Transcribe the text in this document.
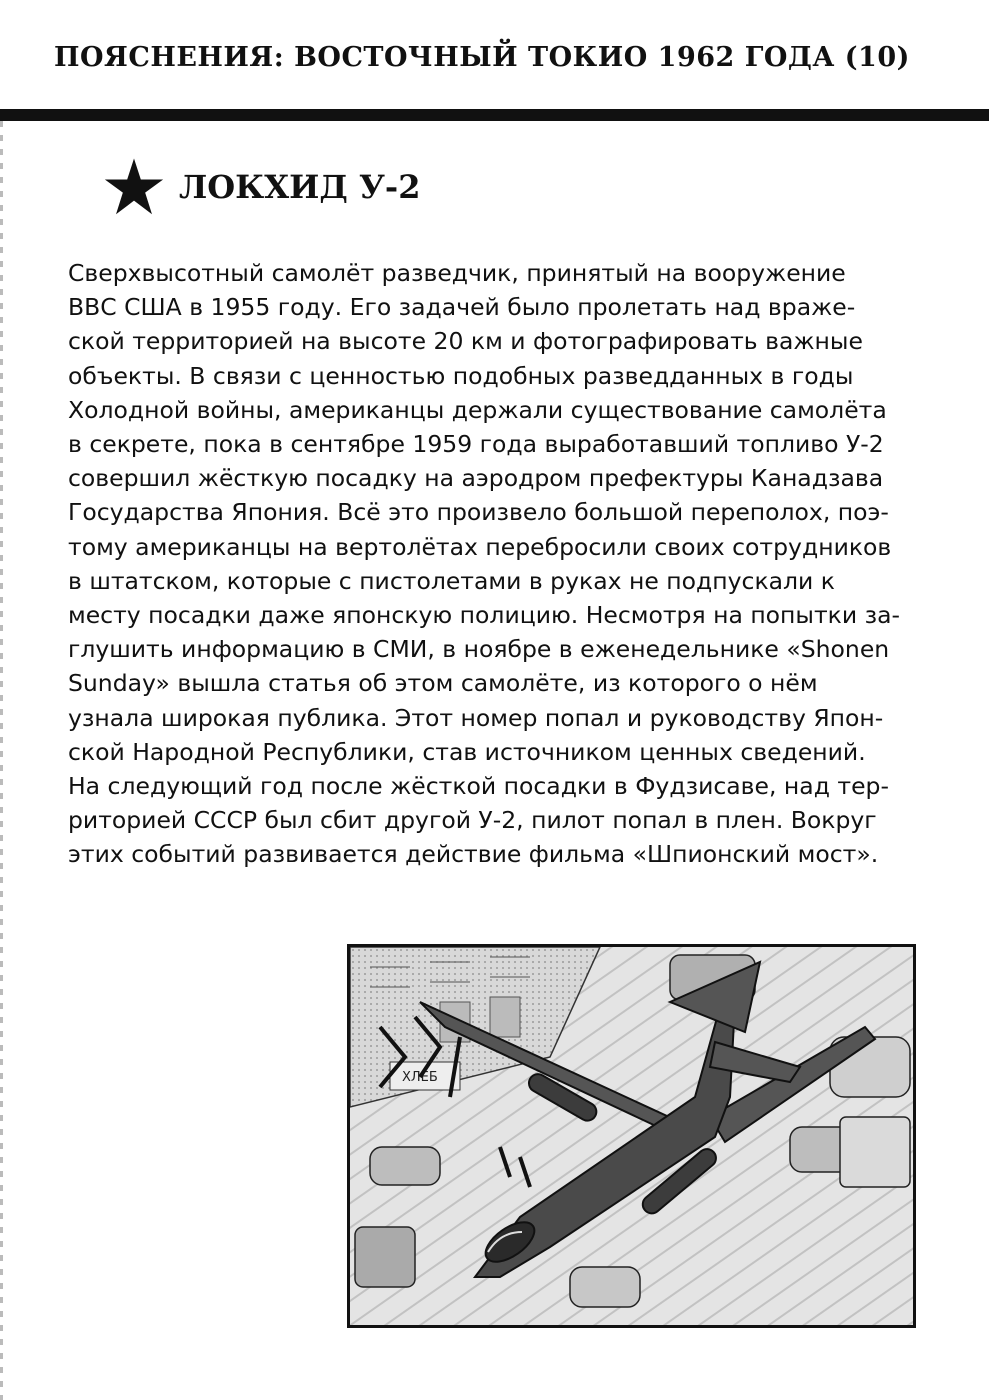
ПОЯСНЕНИЯ: ВОСТОЧНЫЙ ТОКИО 1962 ГОДА (10)
ЛОКХИД У-2
Сверхвысотный самолёт разведчик, принятый на вооружение
ВВС США в 1955 году. Его задачей было пролетать над враже-
ской территорией на высоте 20 км и фотографировать важные
объекты. В связи с ценностью подобных разведданных в годы
Холодной войны, американцы держали существование самолёта
в секрете, пока в сентябре 1959 года выработавший топливо У-2
совершил жёсткую посадку на аэродром префектуры Канадзава
Государства Япония. Всё это произвело большой переполох, поэ-
тому американцы на вертолётах перебросили своих сотрудников
в штатском, которые с пистолетами в руках не подпускали к
месту посадки даже японскую полицию. Несмотря на попытки за-
глушить информацию в СМИ, в ноябре в еженедельнике «Shonen
Sunday» вышла статья об этом самолёте, из которого о нём
узнала широкая публика. Этот номер попал и руководству Япон-
ской Народной Республики, став источником ценных сведений.
На следующий год после жёсткой посадки в Фудзисаве, над тер-
риторией СССР был сбит другой У-2, пилот попал в плен. Вокруг
этих событий развивается действие фильма «Шпионский мост».
ХЛЕБ
